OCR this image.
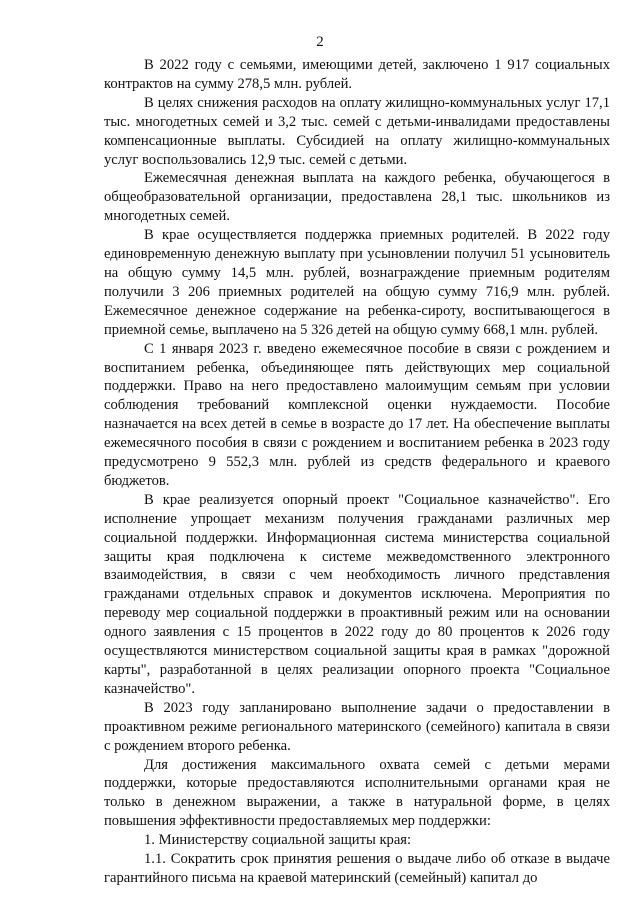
2

В 2022 году с семьями, имеющими детей, заключено 1 917 социальных контрактов на сумму 278,5 млн. рублей.

В целях снижения расходов на оплату жилищно-коммунальных услуг 17,1 тыс. многодетных семей и 3,2 тыс. семей с детьми-инвалидами предоставлены компенсационные выплаты. Субсидией на оплату жилищно-коммунальных услуг воспользовались 12,9 тыс. семей с детьми.

Ежемесячная денежная выплата на каждого ребенка, обучающегося в общеобразовательной организации, предоставлена 28,1 тыс. школьников из многодетных семей.

В крае осуществляется поддержка приемных родителей. В 2022 году единовременную денежную выплату при усыновлении получил 51 усыновитель на общую сумму 14,5 млн. рублей, вознаграждение приемным родителям получили 3 206 приемных родителей на общую сумму 716,9 млн. рублей. Ежемесячное денежное содержание на ребенка-сироту, воспитывающегося в приемной семье, выплачено на 5 326 детей на общую сумму 668,1 млн. рублей.

С 1 января 2023 г. введено ежемесячное пособие в связи с рождением и воспитанием ребенка, объединяющее пять действующих мер социальной поддержки. Право на него предоставлено малоимущим семьям при условии соблюдения требований комплексной оценки нуждаемости. Пособие назначается на всех детей в семье в возрасте до 17 лет. На обеспечение выплаты ежемесячного пособия в связи с рождением и воспитанием ребенка в 2023 году предусмотрено 9 552,3 млн. рублей из средств федерального и краевого бюджетов.

В крае реализуется опорный проект "Социальное казначейство". Его исполнение упрощает механизм получения гражданами различных мер социальной поддержки. Информационная система министерства социальной защиты края подключена к системе межведомственного электронного взаимодействия, в связи с чем необходимость личного представления гражданами отдельных справок и документов исключена. Мероприятия по переводу мер социальной поддержки в проактивный режим или на основании одного заявления с 15 процентов в 2022 году до 80 процентов к 2026 году осуществляются министерством социальной защиты края в рамках "дорожной карты", разработанной в целях реализации опорного проекта "Социальное казначейство".

В 2023 году запланировано выполнение задачи о предоставлении в проактивном режиме регионального материнского (семейного) капитала в связи с рождением второго ребенка.

Для достижения максимального охвата семей с детьми мерами поддержки, которые предоставляются исполнительными органами края не только в денежном выражении, а также в натуральной форме, в целях повышения эффективности предоставляемых мер поддержки:

1. Министерству социальной защиты края:

1.1. Сократить срок принятия решения о выдаче либо об отказе в выдаче гарантийного письма на краевой материнский (семейный) капитал до
